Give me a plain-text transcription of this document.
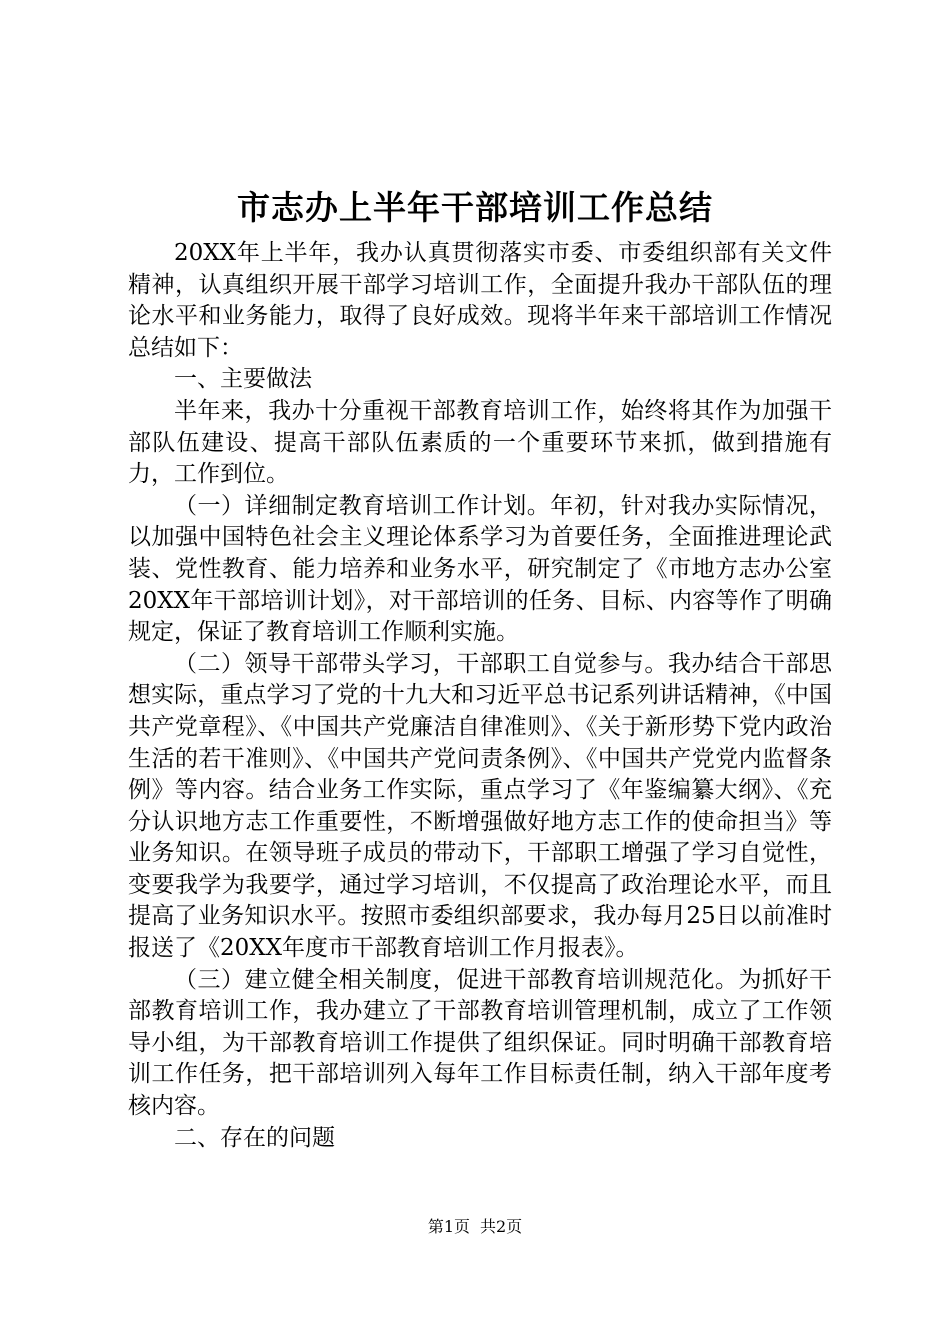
市志办上半年干部培训工作总结

20XX年上半年，我办认真贯彻落实市委、市委组织部有关文件精神，认真组织开展干部学习培训工作，全面提升我办干部队伍的理论水平和业务能力，取得了良好成效。现将半年来干部培训工作情况总结如下：

一、主要做法

半年来，我办十分重视干部教育培训工作，始终将其作为加强干部队伍建设、提高干部队伍素质的一个重要环节来抓，做到措施有力，工作到位。

（一）详细制定教育培训工作计划。年初，针对我办实际情况，以加强中国特色社会主义理论体系学习为首要任务，全面推进理论武装、党性教育、能力培养和业务水平，研究制定了《市地方志办公室20XX年干部培训计划》，对干部培训的任务、目标、内容等作了明确规定，保证了教育培训工作顺利实施。

（二）领导干部带头学习，干部职工自觉参与。我办结合干部思想实际，重点学习了党的十九大和习近平总书记系列讲话精神，《中国共产党章程》、《中国共产党廉洁自律准则》、《关于新形势下党内政治生活的若干准则》、《中国共产党问责条例》、《中国共产党党内监督条例》等内容。结合业务工作实际，重点学习了《年鉴编纂大纲》、《充分认识地方志工作重要性，不断增强做好地方志工作的使命担当》等业务知识。在领导班子成员的带动下，干部职工增强了学习自觉性，变要我学为我要学，通过学习培训，不仅提高了政治理论水平，而且提高了业务知识水平。按照市委组织部要求，我办每月25日以前准时报送了《20XX年度市干部教育培训工作月报表》。

（三）建立健全相关制度，促进干部教育培训规范化。为抓好干部教育培训工作，我办建立了干部教育培训管理机制，成立了工作领导小组，为干部教育培训工作提供了组织保证。同时明确干部教育培训工作任务，把干部培训列入每年工作目标责任制，纳入干部年度考核内容。

二、存在的问题

第1页 共2页
